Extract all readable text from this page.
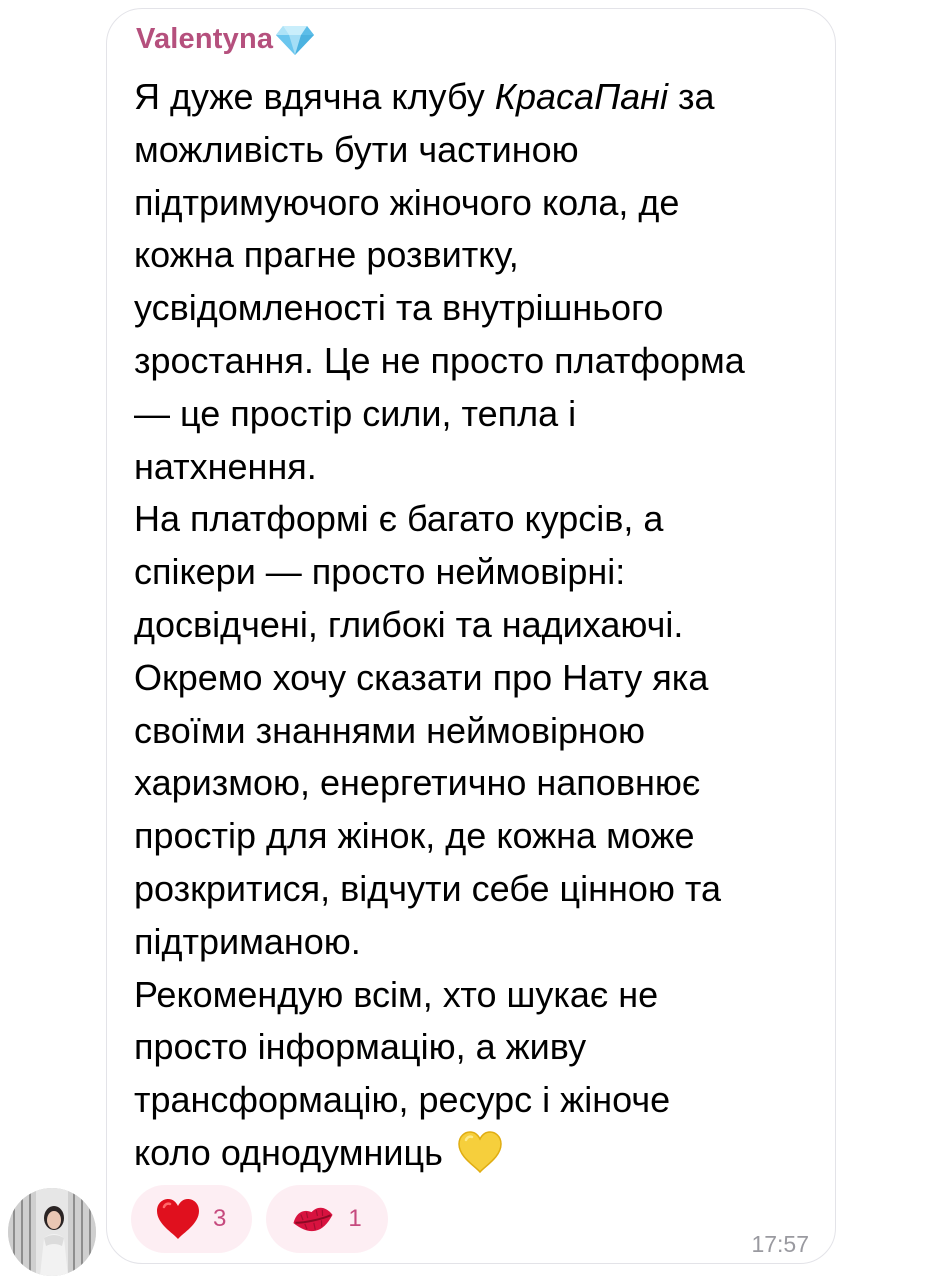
Valentyna
Я дуже вдячна клубу КрасаПані за
можливість бути частиною
підтримуючого жіночого кола, де
кожна прагне розвитку,
усвідомленості та внутрішнього
зростання. Це не просто платформа
— це простір сили, тепла і
натхнення.
На платформі є багато курсів, а
спікери — просто неймовірні:
досвідчені, глибокі та надихаючі.
Окремо хочу сказати про Нату яка
своїми знаннями неймовірною
харизмою, енергетично наповнює
простір для жінок, де кожна може
розкритися, відчути себе цінною та
підтриманою.
Рекомендую всім, хто шукає не
просто інформацію, а живу
трансформацію, ресурс і жіноче
коло однодумниць
3	1
17:57
